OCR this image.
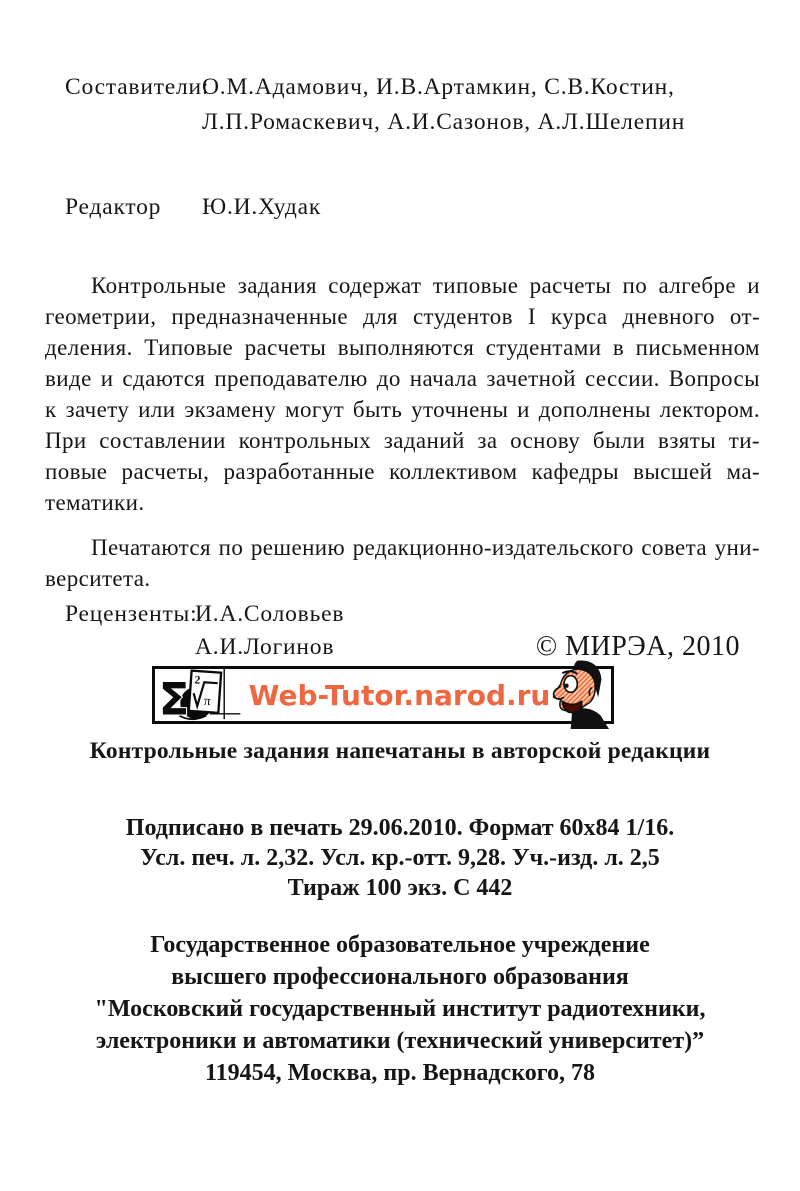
Составители:
О.М.Адамович, И.В.Артамкин, С.В.Костин,
Л.П.Ромаскевич, А.И.Сазонов, А.Л.Шелепин
Редактор	Ю.И.Худак
Контрольные задания содержат типовые расчеты по алгебре и
геометрии, предназначенные для студентов I курса дневного от-
деления. Типовые расчеты выполняются студентами в письменном
виде и сдаются преподавателю до начала зачетной сессии. Вопросы
к зачету или экзамену могут быть уточнены и дополнены лектором.
При составлении контрольных заданий за основу были взяты ти-
повые расчеты, разработанные коллективом кафедры высшей ма-
тематики.
Печатаются по решению редакционно-издательского совета уни-
верситета.
Рецензенты:
И.А.Соловьев
А.И.Логинов	© МИРЭА, 2010
2
π
Σ Web-Tutor.narod.ru
Контрольные задания напечатаны в авторской редакции
Подписано в печать 29.06.2010. Формат 60х84 1/16.
Усл. печ. л. 2,32. Усл. кр.-отт. 9,28. Уч.-изд. л. 2,5
Тираж 100 экз. С 442
Государственное образовательное учреждение
высшего профессионального образования
"Московский государственный институт радиотехники,
электроники и автоматики (технический университет)”
119454, Москва, пр. Вернадского, 78
